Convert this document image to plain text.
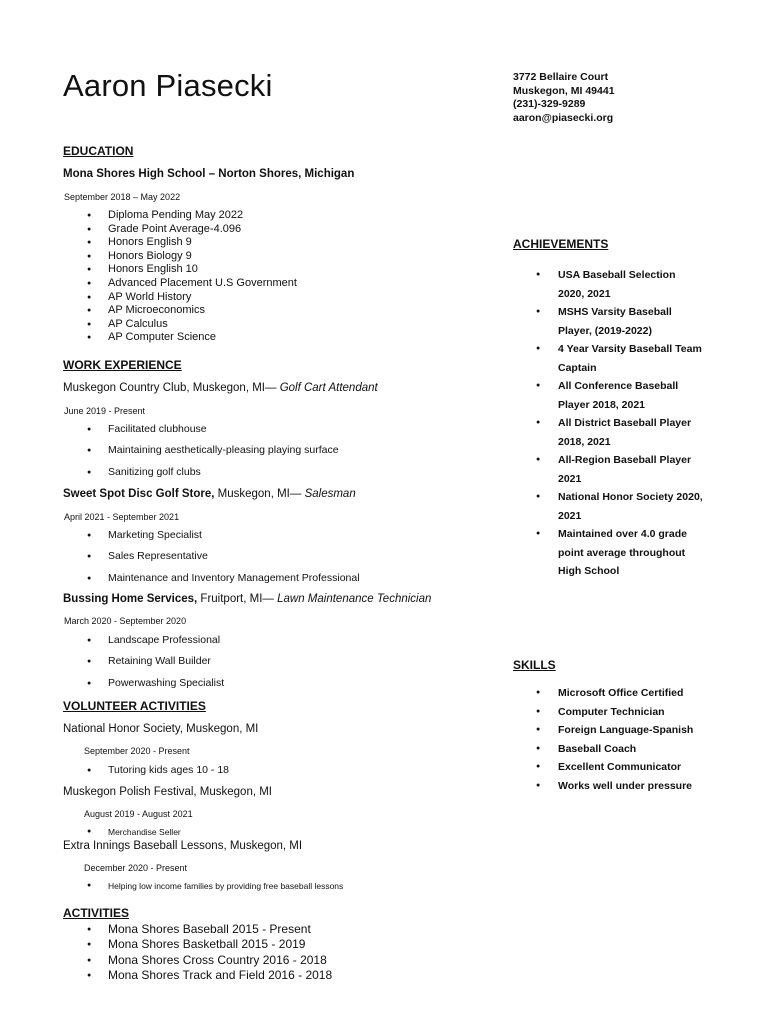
Aaron Piasecki	3772 Bellaire Court
Muskegon, MI 49441
(231)-329-9289
aaron@piasecki.org
EDUCATION
Mona Shores High School – Norton Shores, Michigan
September 2018 – May 2022
● Diploma Pending May 2022
● Grade Point Average-4.096
● Honors English 9
● Honors Biology 9
● Honors English 10
● Advanced Placement U.S Government
● AP World History
● AP Microeconomics
● AP Calculus
● AP Computer Science
WORK EXPERIENCE
Muskegon Country Club, Muskegon, MI— Golf Cart Attendant
June 2019 - Present
● Facilitated clubhouse
● Maintaining aesthetically-pleasing playing surface
● Sanitizing golf clubs
Sweet Spot Disc Golf Store, Muskegon, MI— Salesman
April 2021 - September 2021
● Marketing Specialist
● Sales Representative
● Maintenance and Inventory Management Professional
Bussing Home Services, Fruitport, MI— Lawn Maintenance Technician
March 2020 - September 2020
● Landscape Professional
● Retaining Wall Builder
● Powerwashing Specialist
VOLUNTEER ACTIVITIES
National Honor Society, Muskegon, MI
September 2020 - Present
● Tutoring kids ages 10 - 18
Muskegon Polish Festival, Muskegon, MI
August 2019 - August 2021
● Merchandise Seller
Extra Innings Baseball Lessons, Muskegon, MI
December 2020 - Present
● Helping low income families by providing free baseball lessons
ACTIVITIES
● Mona Shores Baseball 2015 - Present
● Mona Shores Basketball 2015 - 2019
● Mona Shores Cross Country 2016 - 2018
● Mona Shores Track and Field 2016 - 2018
ACHIEVEMENTS
● USA Baseball Selection 2020, 2021
● MSHS Varsity Baseball Player, (2019-2022)
● 4 Year Varsity Baseball Team Captain
● All Conference Baseball Player 2018, 2021
● All District Baseball Player 2018, 2021
● All-Region Baseball Player 2021
● National Honor Society 2020, 2021
● Maintained over 4.0 grade point average throughout High School
SKILLS
● Microsoft Office Certified
● Computer Technician
● Foreign Language-Spanish
● Baseball Coach
● Excellent Communicator
● Works well under pressure
